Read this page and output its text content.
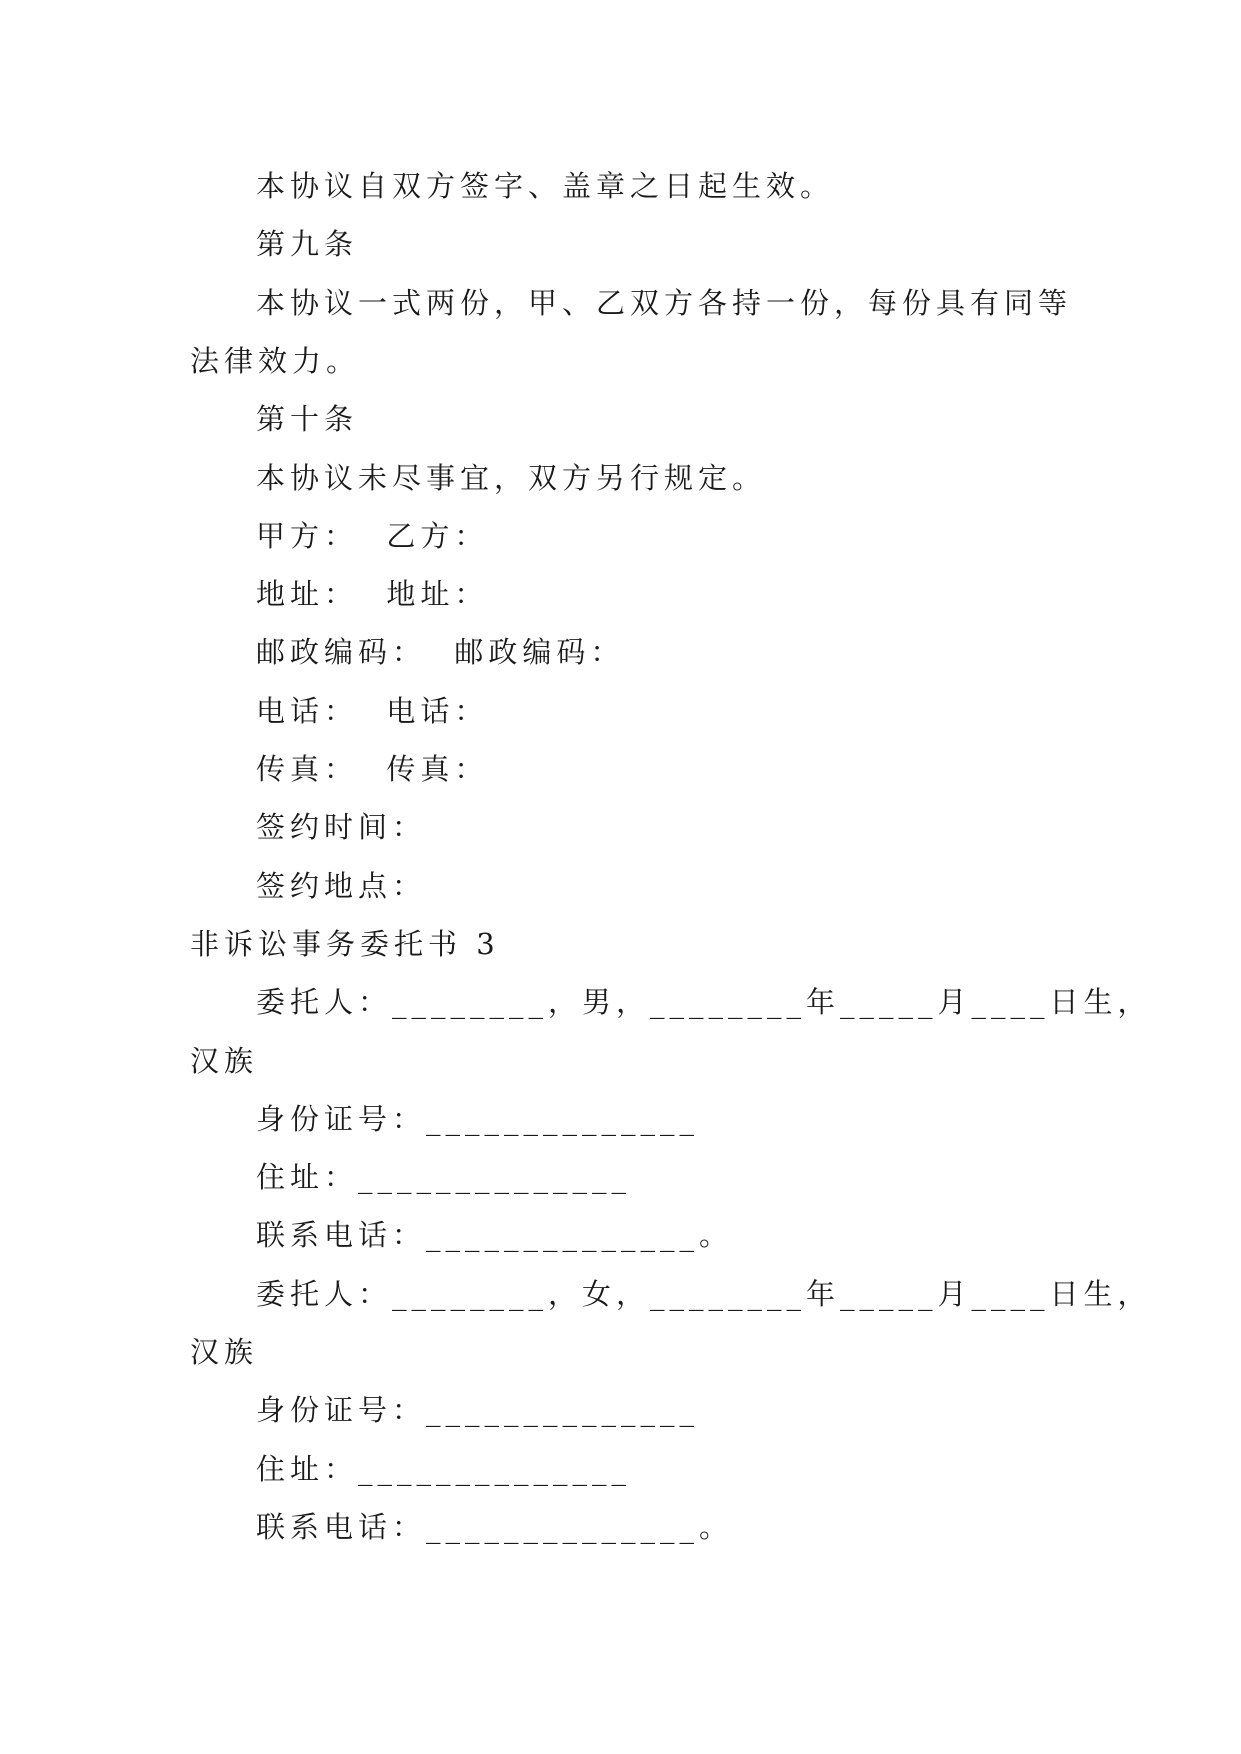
本协议自双方签字、盖章之日起生效。
第九条
本协议一式两份，甲、乙双方各持一份，每份具有同等
法律效力。
第十条
本协议未尽事宜，双方另行规定。
甲方：  乙方：
地址：  地址：
邮政编码：  邮政编码：
电话：  电话：
传真：  传真：
签约时间：
签约地点：
非诉讼事务委托书 3
委托人：________，男，________年_____月____日生，
汉族
身份证号：______________
住址：______________
联系电话：______________。
委托人：________，女，________年_____月____日生，
汉族
身份证号：______________
住址：______________
联系电话：______________。
